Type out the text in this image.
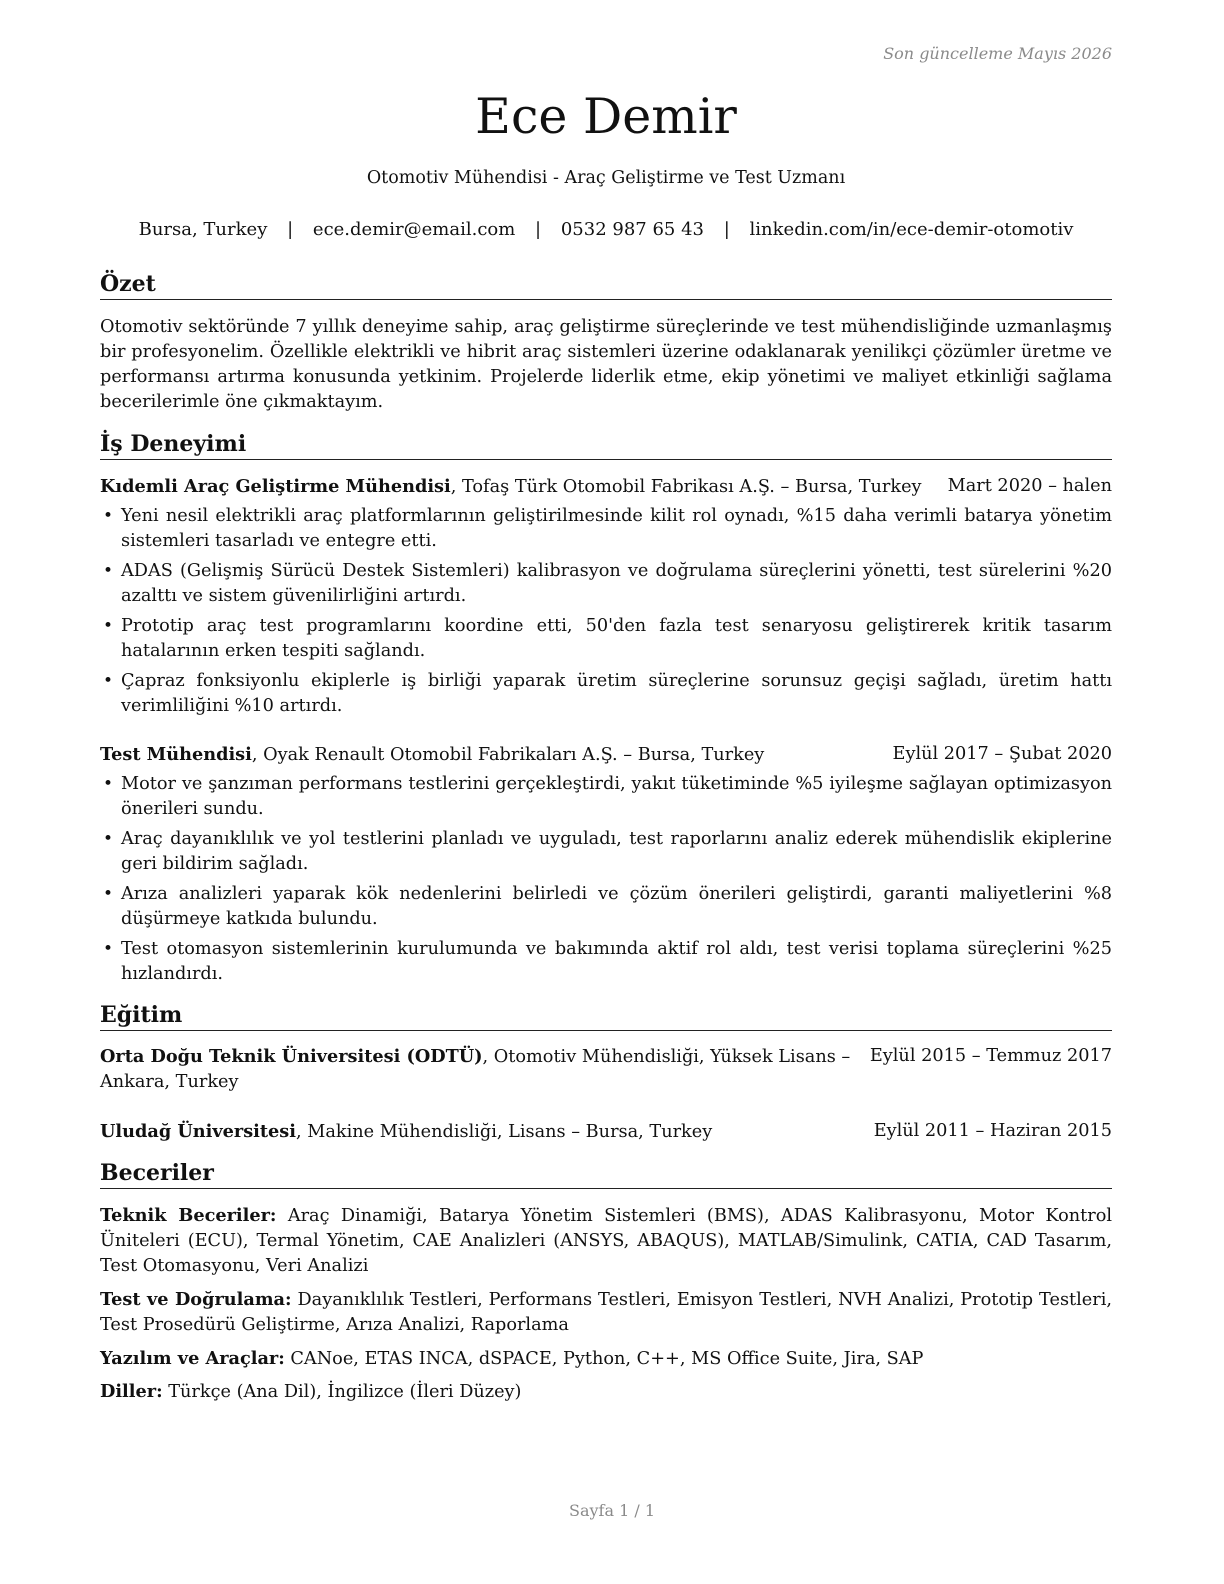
Son güncelleme Mayıs 2026
Ece Demir
Otomotiv Mühendisi - Araç Geliştirme ve Test Uzmanı
Bursa, Turkey | ece.demir@email.com | 0532 987 65 43 | linkedin.com/in/ece-demir-otomotiv
Özet
Otomotiv sektöründe 7 yıllık deneyime sahip, araç geliştirme süreçlerinde ve test mühendisliğinde uzmanlaşmış bir profesyonelim. Özellikle elektrikli ve hibrit araç sistemleri üzerine odaklanarak yenilikçi çözümler üretme ve performansı artırma konusunda yetkinim. Projelerde liderlik etme, ekip yönetimi ve maliyet etkinliği sağlama becerilerimle öne çıkmaktayım.
İş Deneyimi
Kıdemli Araç Geliştirme Mühendisi, Tofaş Türk Otomobil Fabrikası A.Ş. – Bursa, Turkey Mart 2020 – halen
• Yeni nesil elektrikli araç platformlarının geliştirilmesinde kilit rol oynadı, %15 daha verimli batarya yönetim sistemleri tasarladı ve entegre etti.
• ADAS (Gelişmiş Sürücü Destek Sistemleri) kalibrasyon ve doğrulama süreçlerini yönetti, test sürelerini %20 azalttı ve sistem güvenilirliğini artırdı.
• Prototip araç test programlarını koordine etti, 50'den fazla test senaryosu geliştirerek kritik tasarım hatalarının erken tespiti sağlandı.
• Çapraz fonksiyonlu ekiplerle iş birliği yaparak üretim süreçlerine sorunsuz geçişi sağladı, üretim hattı verimliliğini %10 artırdı.
Test Mühendisi, Oyak Renault Otomobil Fabrikaları A.Ş. – Bursa, Turkey	Eylül 2017 – Şubat 2020
• Motor ve şanzıman performans testlerini gerçekleştirdi, yakıt tüketiminde %5 iyileşme sağlayan optimizasyon önerileri sundu.
• Araç dayanıklılık ve yol testlerini planladı ve uyguladı, test raporlarını analiz ederek mühendislik ekiplerine geri bildirim sağladı.
• Arıza analizleri yaparak kök nedenlerini belirledi ve çözüm önerileri geliştirdi, garanti maliyetlerini %8 düşürmeye katkıda bulundu.
• Test otomasyon sistemlerinin kurulumunda ve bakımında aktif rol aldı, test verisi toplama süreçlerini %25 hızlandırdı.
Eğitim
Orta Doğu Teknik Üniversitesi (ODTÜ), Otomotiv Mühendisliği, Yüksek Lisans – Ankara, Turkey
Eylül 2015 – Temmuz 2017
Uludağ Üniversitesi, Makine Mühendisliği, Lisans – Bursa, Turkey	Eylül 2011 – Haziran 2015
Beceriler
Teknik Beceriler: Araç Dinamiği, Batarya Yönetim Sistemleri (BMS), ADAS Kalibrasyonu, Motor Kontrol Üniteleri (ECU), Termal Yönetim, CAE Analizleri (ANSYS, ABAQUS), MATLAB/Simulink, CATIA, CAD Tasarım, Test Otomasyonu, Veri Analizi
Test ve Doğrulama: Dayanıklılık Testleri, Performans Testleri, Emisyon Testleri, NVH Analizi, Prototip Testleri, Test Prosedürü Geliştirme, Arıza Analizi, Raporlama
Yazılım ve Araçlar: CANoe, ETAS INCA, dSPACE, Python, C++, MS Office Suite, Jira, SAP
Diller: Türkçe (Ana Dil), İngilizce (İleri Düzey)
Sayfa 1 / 1
